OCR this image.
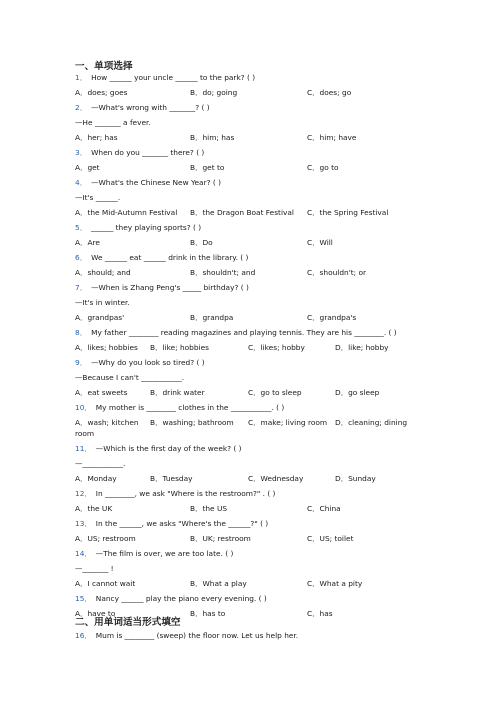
一、单项选择
1． How ______ your uncle ______ to the park? ( )
A．does; goes	B．do; going	C．does; go
2． —What's wrong with _______? ( )
—He _______ a fever.
A．her; has	B．him; has	C．him; have
3． When do you _______ there? ( )
A．get	B．get to	C．go to
4． —What's the Chinese New Year? ( )
—It's ______.
A．the Mid-Autumn Festival B．the Dragon Boat Festival C．the Spring Festival
5． ______ they playing sports? ( )
A．Are	B．Do	C．Will
6． We ______ eat ______ drink in the library. ( )
A．should; and	B．shouldn't; and	C．shouldn't; or
7． —When is Zhang Peng's _____ birthday? ( )
—It's in winter.
A．grandpas'	B．grandpa	C．grandpa's
8． My father ________ reading magazines and playing tennis. They are his ________. ( )
A．likes; hobbies B．like; hobbies	C．likes; hobby	D．like; hobby
9． —Why do you look so tired? ( )
—Because I can't ___________.
A．eat sweets	B．drink water	C．go to sleep	D．go sleep
10． My mother is ________ clothes in the ___________. ( )
A．wash; kitchen B．washing; bathroom C．make; living room D．cleaning; dining
room
11． —Which is the first day of the week? ( )
—___________.
A．Monday	B．Tuesday	C．Wednesday	D．Sunday
12． In ________, we ask "Where is the restroom?" . ( )
A．the UK	B．the US	C．China
13． In the ______, we asks "Where's the ______?" ( )
A．US; restroom	B．UK; restroom	C．US; toilet
14． —The film is over, we are too late. ( )
—_______ !
A．I cannot wait	B．What a play	C．What a pity
15． Nancy ______ play the piano every evening. ( )
A．have to	B．has to	C．has
二、用单词适当形式填空
16． Mum is ________ (sweep) the floor now. Let us help her.
